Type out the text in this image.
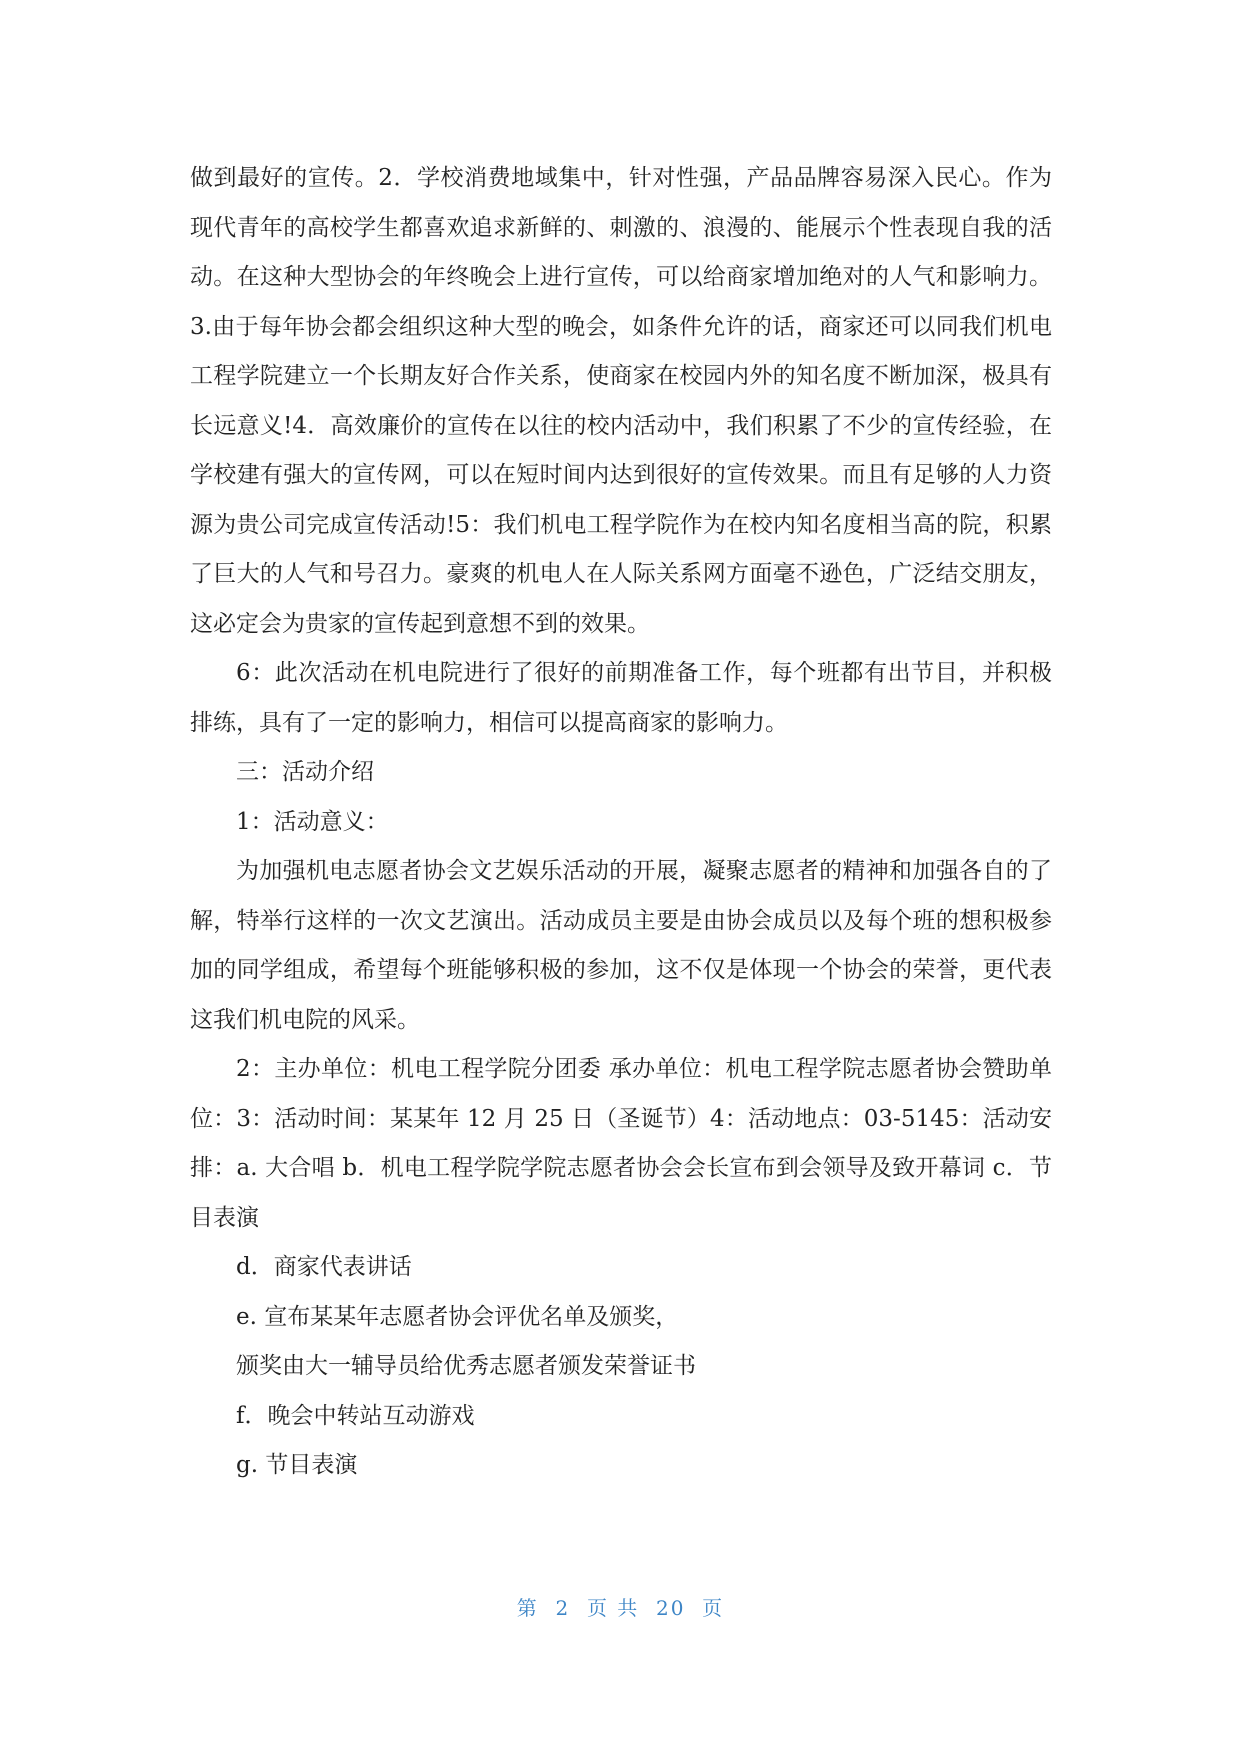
做到最好的宣传。2．学校消费地域集中，针对性强，产品品牌容易深入民心。作为现代青年的高校学生都喜欢追求新鲜的、刺激的、浪漫的、能展示个性表现自我的活动。在这种大型协会的年终晚会上进行宣传，可以给商家增加绝对的人气和影响力。3.由于每年协会都会组织这种大型的晚会，如条件允许的话，商家还可以同我们机电工程学院建立一个长期友好合作关系，使商家在校园内外的知名度不断加深，极具有长远意义!4．高效廉价的宣传在以往的校内活动中，我们积累了不少的宣传经验，在学校建有强大的宣传网，可以在短时间内达到很好的宣传效果。而且有足够的人力资源为贵公司完成宣传活动!5：我们机电工程学院作为在校内知名度相当高的院，积累了巨大的人气和号召力。豪爽的机电人在人际关系网方面毫不逊色，广泛结交朋友，这必定会为贵家的宣传起到意想不到的效果。

6：此次活动在机电院进行了很好的前期准备工作，每个班都有出节目，并积极排练，具有了一定的影响力，相信可以提高商家的影响力。

三：活动介绍

1：活动意义：

为加强机电志愿者协会文艺娱乐活动的开展，凝聚志愿者的精神和加强各自的了解，特举行这样的一次文艺演出。活动成员主要是由协会成员以及每个班的想积极参加的同学组成，希望每个班能够积极的参加，这不仅是体现一个协会的荣誉，更代表这我们机电院的风采。

2：主办单位：机电工程学院分团委 承办单位：机电工程学院志愿者协会赞助单位：3：活动时间：某某年 12 月 25 日（圣诞节）4：活动地点：03-5145：活动安排：a. 大合唱 b．机电工程学院学院志愿者协会会长宣布到会领导及致开幕词 c．节目表演

d．商家代表讲话

e. 宣布某某年志愿者协会评优名单及颁奖，

颁奖由大一辅导员给优秀志愿者颁发荣誉证书

f．晚会中转站互动游戏

g. 节目表演

第  2  页 共  20  页
